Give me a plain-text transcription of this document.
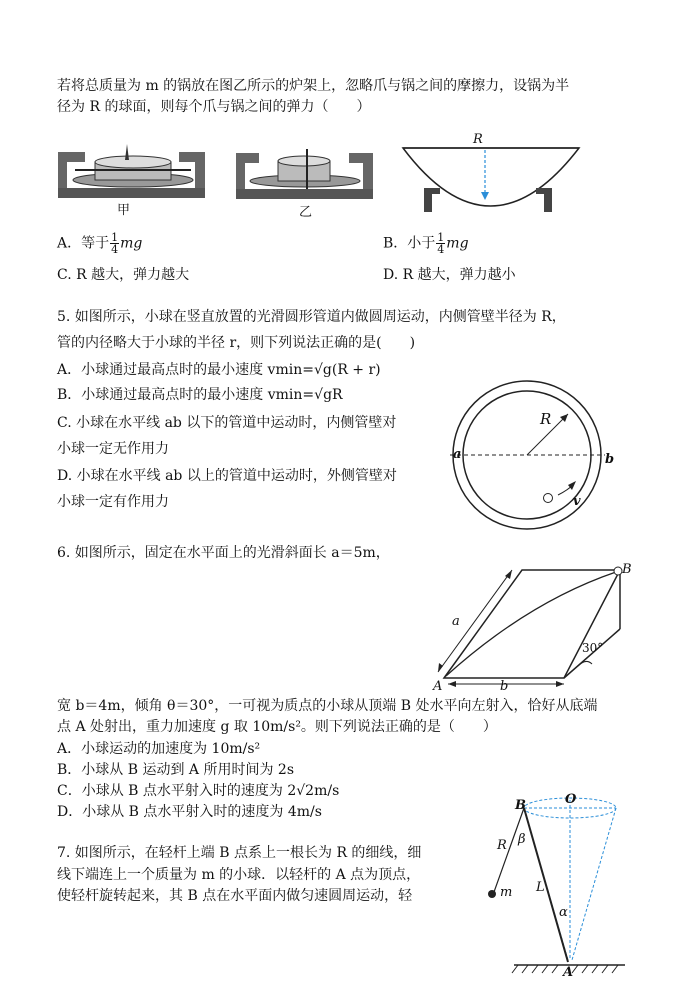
若将总质量为 m 的锅放在图乙所示的炉架上，忽略爪与锅之间的摩擦力，设锅为半
径为 R 的球面，则每个爪与锅之间的弹力（　　）
甲	乙
R
A．等于 $\frac{1}{4}$ mg	B．小于 $\frac{1}{4}$ mg
C. R 越大，弹力越大	D. R 越大，弹力越小
5. 如图所示，小球在竖直放置的光滑圆形管道内做圆周运动，内侧管壁半径为 R，
管的内径略大于小球的半径 r，则下列说法正确的是(　　)
A．小球通过最高点时的最小速度 vmin=√g(R + r)
B．小球通过最高点时的最小速度 vmin=√gR
C. 小球在水平线 ab 以下的管道中运动时，内侧管壁对
小球一定无作用力
D. 小球在水平线 ab 以上的管道中运动时，外侧管壁对
小球一定有作用力
R
a	b
v
6. 如图所示，固定在水平面上的光滑斜面长 a＝5m，
a
b
A
B
30°
宽 b＝4m，倾角 θ＝30°，一可视为质点的小球从顶端 B 处水平向左射入，恰好从底端
点 A 处射出，重力加速度 g 取 10m/s²。则下列说法正确的是（　　）
A．小球运动的加速度为 10m/s²
B．小球从 B 运动到 A 所用时间为 2s
C．小球从 B 点水平射入时的速度为 2√2m/s
D．小球从 B 点水平射入时的速度为 4m/s
7. 如图所示，在轻杆上端 B 点系上一根长为 R 的细线，细
线下端连上一个质量为 m 的小球．以轻杆的 A 点为顶点，
使轻杆旋转起来，其 B 点在水平面内做匀速圆周运动，轻
B	O
R β
m L
α
A
